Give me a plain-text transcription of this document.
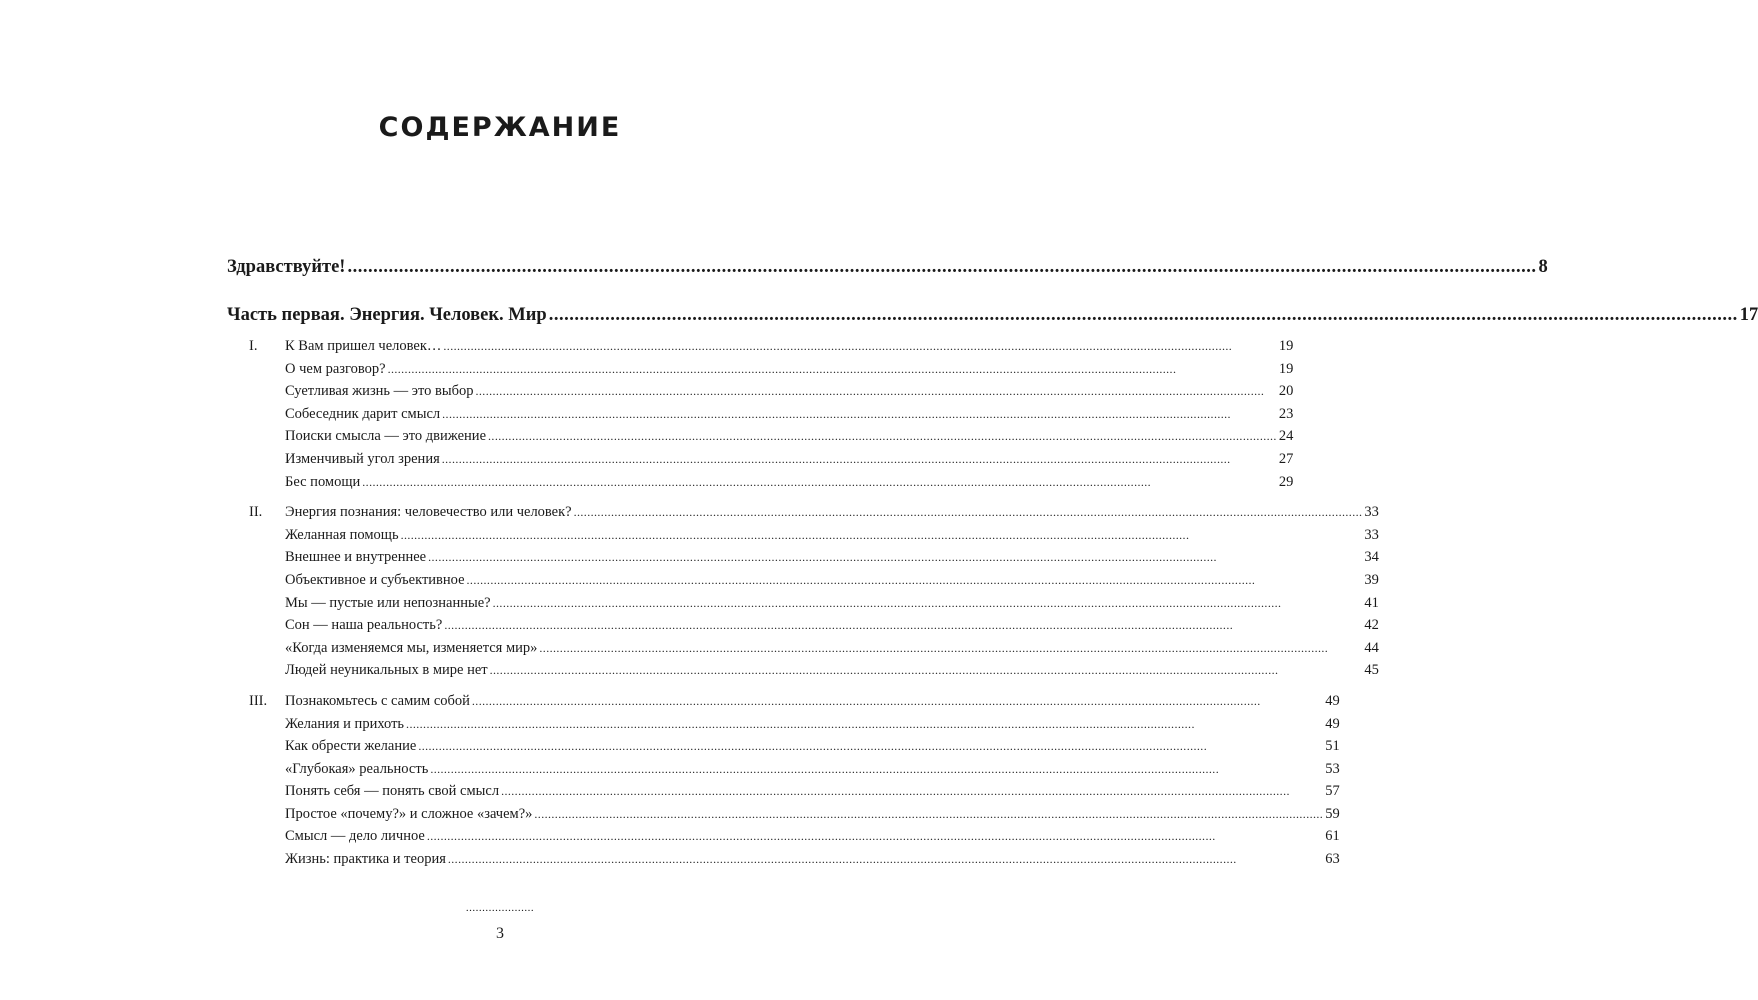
СОДЕРЖАНИЕ
Здравствуйте! .....	8
Часть первая. Энергия. Человек. Мир .....	17
I.	К Вам пришел человек… .....	19
О чем разговор? .....	19
Суетливая жизнь — это выбор .....	20
Собеседник дарит смысл .....	23
Поиски смысла — это движение .....	24
Изменчивый угол зрения .....	27
Бес помощи .....	29
II.	Энергия познания: человечество или человек? .....	33
Желанная помощь .....	33
Внешнее и внутреннее .....	34
Объективное и субъективное .....	39
Мы — пустые или непознанные? .....	41
Сон — наша реальность? .....	42
«Когда изменяемся мы, изменяется мир» .....	44
Людей неуникальных в мире нет .....	45
III.	Познакомьтесь с самим собой .....	49
Желания и прихоть .....	49
Как обрести желание .....	51
«Глубокая» реальность .....	53
Понять себя — понять свой смысл .....	57
Простое «почему?» и сложное «зачем?» .....	59
Смысл — дело личное .....	61
Жизнь: практика и теория .....	63
.....................
3
